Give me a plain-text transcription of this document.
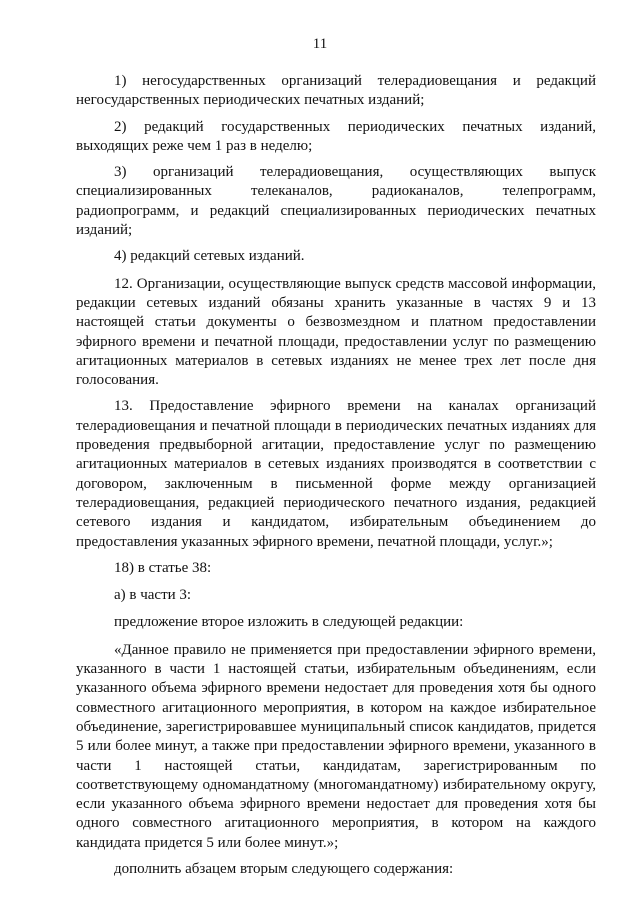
11

1) негосударственных организаций телерадиовещания и редакций негосударственных периодических печатных изданий;

2) редакций государственных периодических печатных изданий, выходящих реже чем 1 раз в неделю;

3) организаций телерадиовещания, осуществляющих выпуск специализированных телеканалов, радиоканалов, телепрограмм, радиопрограмм, и редакций специализированных периодических печатных изданий;

4) редакций сетевых изданий.

12. Организации, осуществляющие выпуск средств массовой информации, редакции сетевых изданий обязаны хранить указанные в частях 9 и 13 настоящей статьи документы о безвозмездном и платном предоставлении эфирного времени и печатной площади, предоставлении услуг по размещению агитационных материалов в сетевых изданиях не менее трех лет после дня голосования.

13. Предоставление эфирного времени на каналах организаций телерадиовещания и печатной площади в периодических печатных изданиях для проведения предвыборной агитации, предоставление услуг по размещению агитационных материалов в сетевых изданиях производятся в соответствии с договором, заключенным в письменной форме между организацией телерадиовещания, редакцией периодического печатного издания, редакцией сетевого издания и кандидатом, избирательным объединением до предоставления указанных эфирного времени, печатной площади, услуг.»;

18) в статье 38:

а) в части 3:

предложение второе изложить в следующей редакции:

«Данное правило не применяется при предоставлении эфирного времени, указанного в части 1 настоящей статьи, избирательным объединениям, если указанного объема эфирного времени недостает для проведения хотя бы одного совместного агитационного мероприятия, в котором на каждое избирательное объединение, зарегистрировавшее муниципальный список кандидатов, придется 5 или более минут, а также при предоставлении эфирного времени, указанного в части 1 настоящей статьи, кандидатам, зарегистрированным по соответствующему одномандатному (многомандатному) избирательному округу, если указанного объема эфирного времени недостает для проведения хотя бы одного совместного агитационного мероприятия, в котором на каждого кандидата придется 5 или более минут.»;

дополнить абзацем вторым следующего содержания:
